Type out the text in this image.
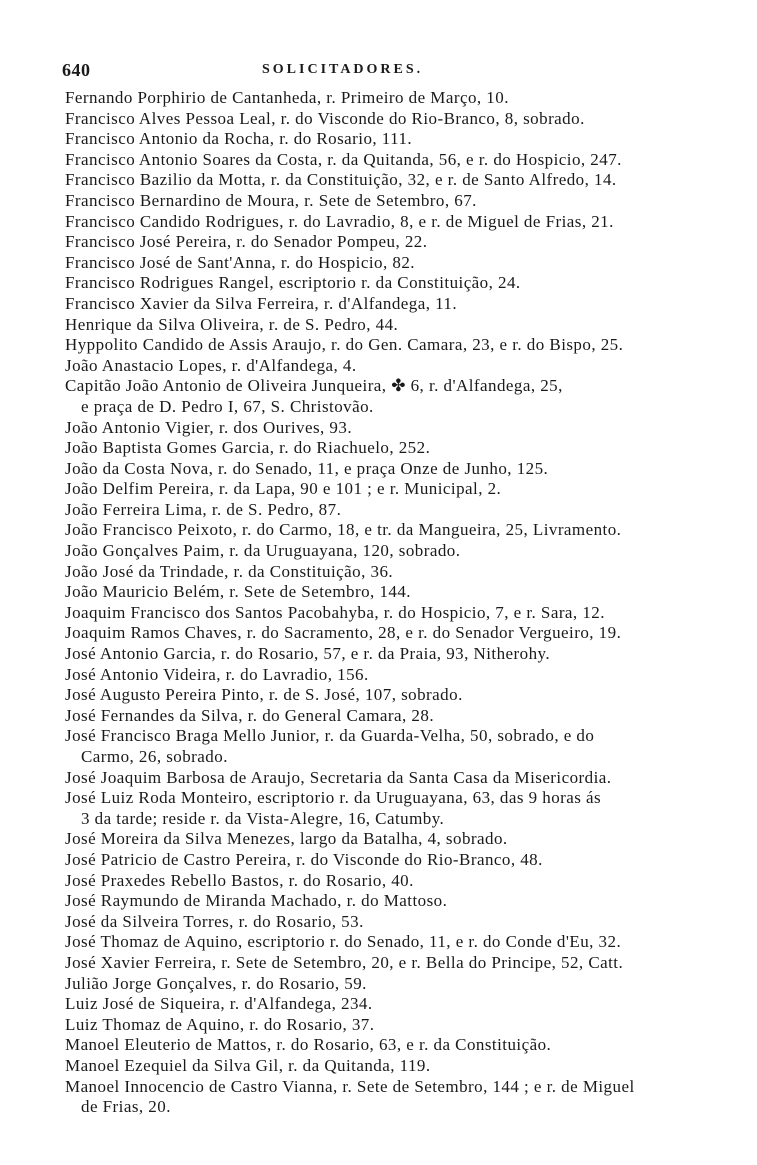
640	SOLICITADORES.
Fernando Porphirio de Cantanheda, r. Primeiro de Março, 10.
Francisco Alves Pessoa Leal, r. do Visconde do Rio-Branco, 8, sobrado.
Francisco Antonio da Rocha, r. do Rosario, 111.
Francisco Antonio Soares da Costa, r. da Quitanda, 56, e r. do Hospicio, 247.
Francisco Bazilio da Motta, r. da Constituição, 32, e r. de Santo Alfredo, 14.
Francisco Bernardino de Moura, r. Sete de Setembro, 67.
Francisco Candido Rodrigues, r. do Lavradio, 8, e r. de Miguel de Frias, 21.
Francisco José Pereira, r. do Senador Pompeu, 22.
Francisco José de Sant'Anna, r. do Hospicio, 82.
Francisco Rodrigues Rangel, escriptorio r. da Constituição, 24.
Francisco Xavier da Silva Ferreira, r. d'Alfandega, 11.
Henrique da Silva Oliveira, r. de S. Pedro, 44.
Hyppolito Candido de Assis Araujo, r. do Gen. Camara, 23, e r. do Bispo, 25.
João Anastacio Lopes, r. d'Alfandega, 4.
Capitão João Antonio de Oliveira Junqueira, ✤ 6, r. d'Alfandega, 25,
e praça de D. Pedro I, 67, S. Christovão.
João Antonio Vigier, r. dos Ourives, 93.
João Baptista Gomes Garcia, r. do Riachuelo, 252.
João da Costa Nova, r. do Senado, 11, e praça Onze de Junho, 125.
João Delfim Pereira, r. da Lapa, 90 e 101 ; e r. Municipal, 2.
João Ferreira Lima, r. de S. Pedro, 87.
João Francisco Peixoto, r. do Carmo, 18, e tr. da Mangueira, 25, Livramento.
João Gonçalves Paim, r. da Uruguayana, 120, sobrado.
João José da Trindade, r. da Constituição, 36.
João Mauricio Belém, r. Sete de Setembro, 144.
Joaquim Francisco dos Santos Pacobahyba, r. do Hospicio, 7, e r. Sara, 12.
Joaquim Ramos Chaves, r. do Sacramento, 28, e r. do Senador Vergueiro, 19.
José Antonio Garcia, r. do Rosario, 57, e r. da Praia, 93, Nitherohy.
José Antonio Videira, r. do Lavradio, 156.
José Augusto Pereira Pinto, r. de S. José, 107, sobrado.
José Fernandes da Silva, r. do General Camara, 28.
José Francisco Braga Mello Junior, r. da Guarda-Velha, 50, sobrado, e do
Carmo, 26, sobrado.
José Joaquim Barbosa de Araujo, Secretaria da Santa Casa da Misericordia.
José Luiz Roda Monteiro, escriptorio r. da Uruguayana, 63, das 9 horas ás
3 da tarde; reside r. da Vista-Alegre, 16, Catumby.
José Moreira da Silva Menezes, largo da Batalha, 4, sobrado.
José Patricio de Castro Pereira, r. do Visconde do Rio-Branco, 48.
José Praxedes Rebello Bastos, r. do Rosario, 40.
José Raymundo de Miranda Machado, r. do Mattoso.
José da Silveira Torres, r. do Rosario, 53.
José Thomaz de Aquino, escriptorio r. do Senado, 11, e r. do Conde d'Eu, 32.
José Xavier Ferreira, r. Sete de Setembro, 20, e r. Bella do Principe, 52, Catt.
Julião Jorge Gonçalves, r. do Rosario, 59.
Luiz José de Siqueira, r. d'Alfandega, 234.
Luiz Thomaz de Aquino, r. do Rosario, 37.
Manoel Eleuterio de Mattos, r. do Rosario, 63, e r. da Constituição.
Manoel Ezequiel da Silva Gil, r. da Quitanda, 119.
Manoel Innocencio de Castro Vianna, r. Sete de Setembro, 144 ; e r. de Miguel
de Frias, 20.
